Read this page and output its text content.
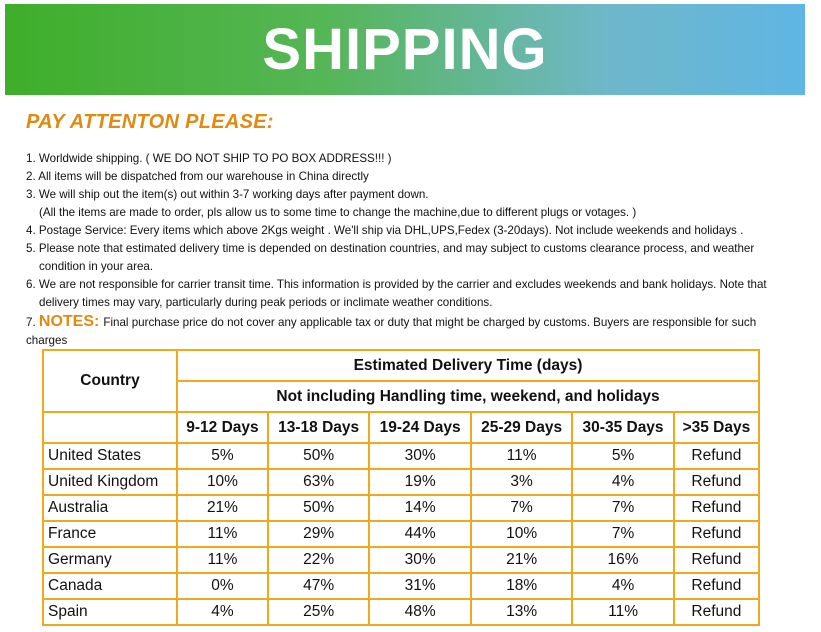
SHIPPING
PAY ATTENTON PLEASE:
1. Worldwide shipping. ( WE DO NOT SHIP TO PO BOX ADDRESS!!! )
2. All items will be dispatched from our warehouse in China directly
3. We will ship out the item(s) out within 3-7 working days after payment down.
(All the items are made to order, pls allow us to some time to change the machine,due to different plugs or votages. )
4. Postage Service: Every items which above 2Kgs weight . We'll ship via DHL,UPS,Fedex (3-20days). Not include weekends and holidays .
5. Please note that estimated delivery time is depended on destination countries, and may subject to customs clearance process, and weather
condition in your area.
6. We are not responsible for carrier transit time. This information is provided by the carrier and excludes weekends and bank holidays. Note that
delivery times may vary, particularly during peak periods or inclimate weather conditions.
7.
NOTES: Final purchase price do not cover any applicable tax or duty that might be charged by customs. Buyers are responsible for such
charges
Country	Estimated Delivery Time (days)					
	Not including Handling time, weekend, and holidays					
	9-12 Days	13-18 Days	19-24 Days	25-29 Days	30-35 Days	>35 Days
United States	5%	50%	30%	11%	5%	Refund
United Kingdom	10%	63%	19%	3%	4%	Refund
Australia	21%	50%	14%	7%	7%	Refund
France	11%	29%	44%	10%	7%	Refund
Germany	11%	22%	30%	21%	16%	Refund
Canada	0%	47%	31%	18%	4%	Refund
Spain	4%	25%	48%	13%	11%	Refund
